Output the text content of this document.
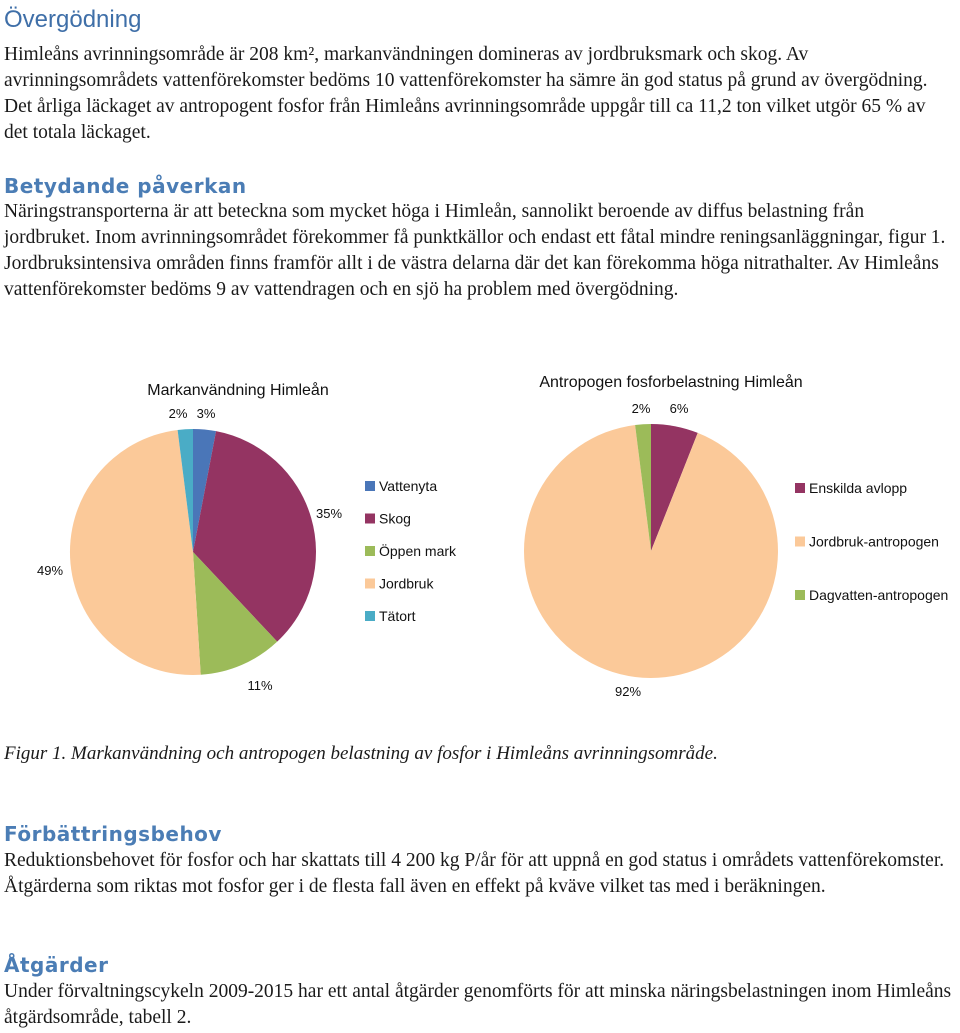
Övergödning

Himleåns avrinningsområde är 208 km², markanvändningen domineras av jordbruksmark och skog. Av avrinningsområdets vattenförekomster bedöms 10 vattenförekomster ha sämre än god status på grund av övergödning. Det årliga läckaget av antropogent fosfor från Himleåns avrinningsområde uppgår till ca 11,2 ton vilket utgör 65 % av det totala läckaget.

Betydande påverkan

Näringstransporterna är att beteckna som mycket höga i Himleån, sannolikt beroende av diffus belastning från jordbruket. Inom avrinningsområdet förekommer få punktkällor och endast ett fåtal mindre reningsanläggningar, figur 1. Jordbruksintensiva områden finns framför allt i de västra delarna där det kan förekomma höga nitrathalter. Av Himleåns vattenförekomster bedöms 9 av vattendragen och en sjö ha problem med övergödning.

Markanvändning Himleån
3%
35%
11%
49%
2%
Vattenyta
Skog
Öppen mark
Jordbruk
Tätort
Antropogen fosforbelastning Himleån
6%
92%
2%
Enskilda avlopp
Jordbruk-antropogen
Dagvatten-antropogen

Figur 1. Markanvändning och antropogen belastning av fosfor i Himleåns avrinningsområde.

Förbättringsbehov

Reduktionsbehovet för fosfor och har skattats till 4 200 kg P/år för att uppnå en god status i områdets vattenförekomster. Åtgärderna som riktas mot fosfor ger i de flesta fall även en effekt på kväve vilket tas med i beräkningen.

Åtgärder

Under förvaltningscykeln 2009-2015 har ett antal åtgärder genomförts för att minska näringsbelastningen inom Himleåns åtgärdsområde, tabell 2.
